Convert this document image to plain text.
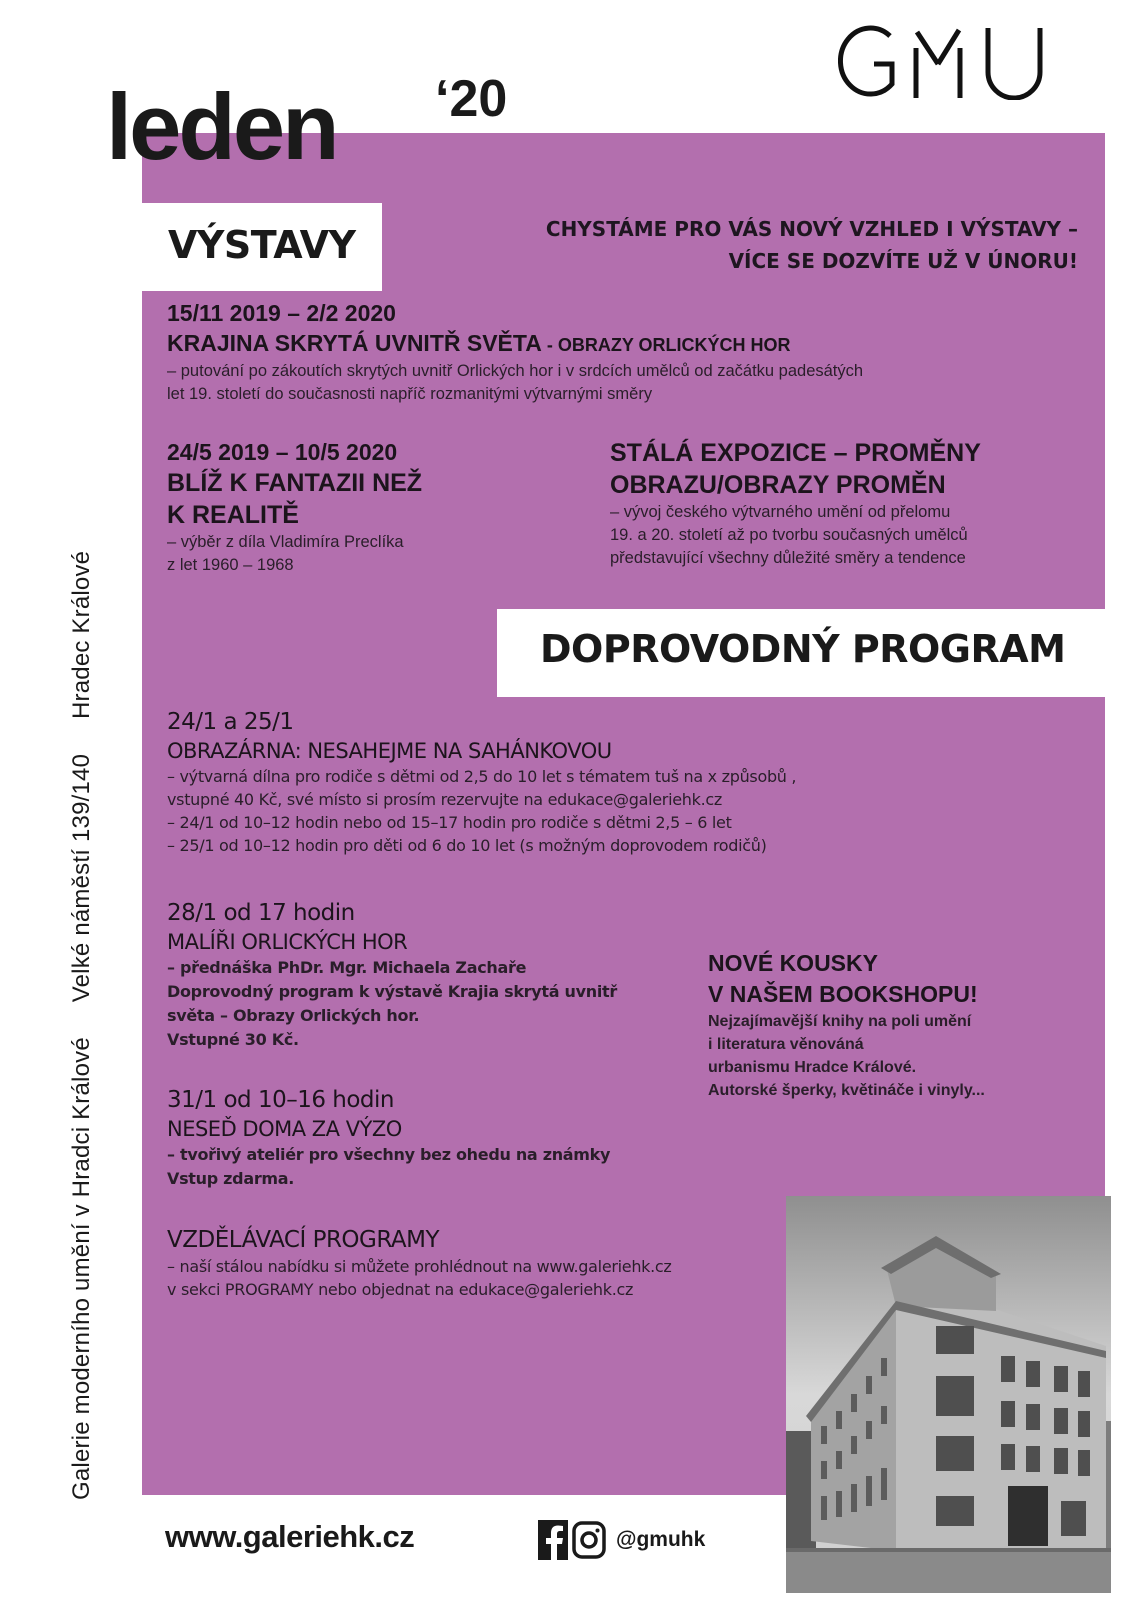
leden ‘20
Galerie moderního umění v Hradci Králové Velké náměstí 139/140 Hradec Králové
VÝSTAVY	CHYSTÁME PRO VÁS NOVÝ VZHLED I VÝSTAVY –
VÍCE SE DOZVÍTE UŽ V ÚNORU!
15/11 2019 – 2/2 2020
KRAJINA SKRYTÁ UVNITŘ SVĚTA - OBRAZY ORLICKÝCH HOR
– putování po zákoutích skrytých uvnitř Orlických hor i v srdcích umělců od začátku padesátých
let 19. století do současnosti napříč rozmanitými výtvarnými směry
24/5 2019 – 10/5 2020
BLÍŽ K FANTAZII NEŽ
K REALITĚ
– výběr z díla Vladimíra Preclíka
z let 1960 – 1968
STÁLÁ EXPOZICE – PROMĚNY
OBRAZU/OBRAZY PROMĚN
– vývoj českého výtvarného umění od přelomu
19. a 20. století až po tvorbu současných umělců
představující všechny důležité směry a tendence
DOPROVODNÝ PROGRAM
24/1 a 25/1
OBRAZÁRNA: NESAHEJME NA SAHÁNKOVOU
– výtvarná dílna pro rodiče s dětmi od 2,5 do 10 let s tématem tuš na x způsobů ,
vstupné 40 Kč, své místo si prosím rezervujte na edukace@galeriehk.cz
– 24/1 od 10–12 hodin nebo od 15–17 hodin pro rodiče s dětmi 2,5 – 6 let
– 25/1 od 10–12 hodin pro děti od 6 do 10 let (s možným doprovodem rodičů)
28/1 od 17 hodin
MALÍŘI ORLICKÝCH HOR
– přednáška PhDr. Mgr. Michaela Zachaře
Doprovodný program k výstavě Krajia skrytá uvnitř
světa – Obrazy Orlických hor.
Vstupné 30 Kč.
31/1 od 10–16 hodin
NESEĎ DOMA ZA VÝZO
– tvořivý ateliér pro všechny bez ohedu na známky
Vstup zdarma.
VZDĚLÁVACÍ PROGRAMY
– naší stálou nabídku si můžete prohlédnout na www.galeriehk.cz
v sekci PROGRAMY nebo objednat na edukace@galeriehk.cz
NOVÉ KOUSKY
V NAŠEM BOOKSHOPU!
Nejzajímavější knihy na poli umění
i literatura věnováná
urbanismu Hradce Králové.
Autorské šperky, květináče i vinyly...
www.galeriehk.cz	@gmuhk
